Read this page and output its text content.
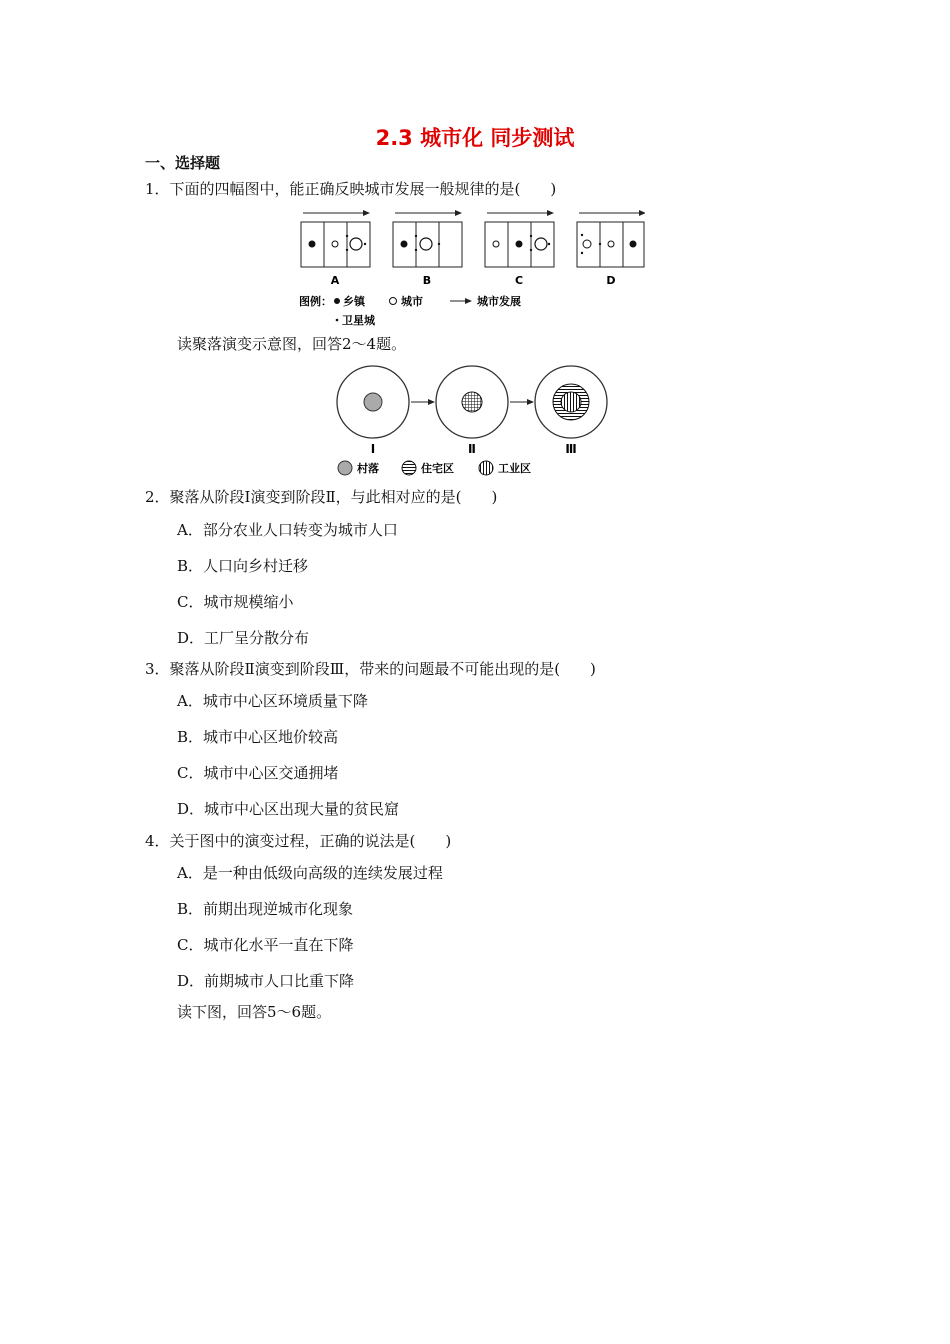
2.3 城市化 同步测试
一、选择题
1．下面的四幅图中，能正确反映城市发展一般规律的是(　　)
A	B	C	D
图例： 乡镇	城市	城市发展
卫星城
读聚落演变示意图，回答2～4题。
Ⅰ	Ⅱ	Ⅲ
村落	住宅区	工业区
2．聚落从阶段Ⅰ演变到阶段Ⅱ，与此相对应的是(　　)
A．部分农业人口转变为城市人口
B．人口向乡村迁移
C．城市规模缩小
D．工厂呈分散分布
3．聚落从阶段Ⅱ演变到阶段Ⅲ，带来的问题最不可能出现的是(　　)
A．城市中心区环境质量下降
B．城市中心区地价较高
C．城市中心区交通拥堵
D．城市中心区出现大量的贫民窟
4．关于图中的演变过程，正确的说法是(　　)
A．是一种由低级向高级的连续发展过程
B．前期出现逆城市化现象
C．城市化水平一直在下降
D．前期城市人口比重下降
读下图，回答5～6题。
